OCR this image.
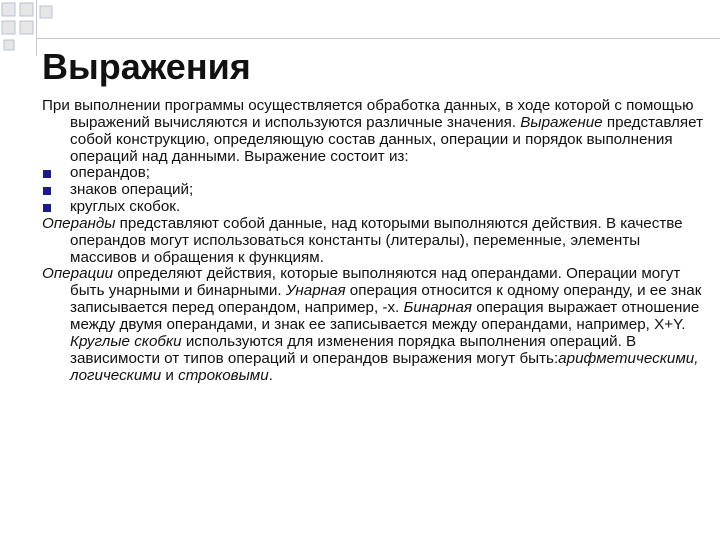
Выражения

При выполнении программы осуществляется обработка данных, в ходе которой с помощью выражений вычисляются и используются различные значения. Выражение представляет собой конструкцию, определяющую состав данных, операции и порядок выполнения операций над данными. Выражение состоит из:

операндов;

знаков операций;

круглых скобок.

Операнды представляют собой данные, над которыми выполняются действия. В качестве операндов могут использоваться константы (литералы), переменные, элементы массивов и обращения к функциям.

Операции определяют действия, которые выполняются над операндами. Операции могут быть унарными и бинарными. Унарная операция относится к одному операнду, и ее знак записывается перед операндом, например, -x. Бинарная операция выражает отношение между двумя операндами, и знак ее записывается между операндами, например, X+Y. Круглые скобки используются для изменения порядка выполнения операций. В зависимости от типов операций и операндов выражения могут быть:арифметическими, логическими и строковыми.
